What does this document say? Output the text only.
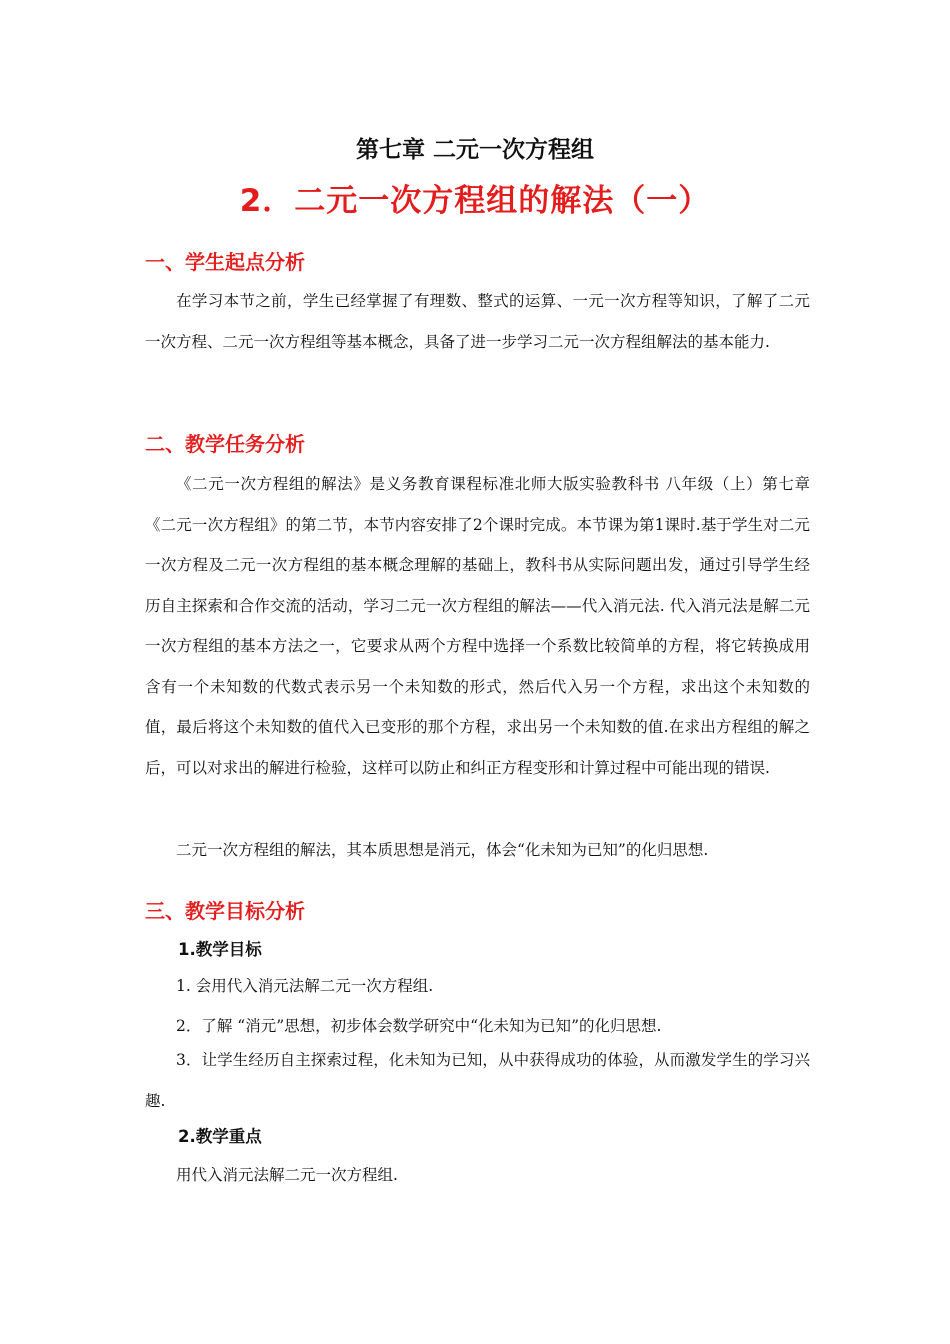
第七章 二元一次方程组
2．二元一次方程组的解法（一）
一、学生起点分析
在学习本节之前，学生已经掌握了有理数、整式的运算、一元一次方程等知识，了解了二元一次方程、二元一次方程组等基本概念，具备了进一步学习二元一次方程组解法的基本能力.
二、教学任务分析
《二元一次方程组的解法》是义务教育课程标准北师大版实验教科书 八年级（上）第七章《二元一次方程组》的第二节，本节内容安排了2个课时完成。本节课为第1课时.基于学生对二元一次方程及二元一次方程组的基本概念理解的基础上，教科书从实际问题出发，通过引导学生经历自主探索和合作交流的活动，学习二元一次方程组的解法——代入消元法. 代入消元法是解二元一次方程组的基本方法之一，它要求从两个方程中选择一个系数比较简单的方程，将它转换成用含有一个未知数的代数式表示另一个未知数的形式，然后代入另一个方程，求出这个未知数的值，最后将这个未知数的值代入已变形的那个方程，求出另一个未知数的值.在求出方程组的解之后，可以对求出的解进行检验，这样可以防止和纠正方程变形和计算过程中可能出现的错误.
二元一次方程组的解法，其本质思想是消元，体会“化未知为已知”的化归思想.
三、教学目标分析
1.教学目标
1. 会用代入消元法解二元一次方程组.
2．了解 “消元”思想，初步体会数学研究中“化未知为已知”的化归思想.
3．让学生经历自主探索过程，化未知为已知，从中获得成功的体验，从而激发学生的学习兴趣.
2.教学重点
用代入消元法解二元一次方程组.
